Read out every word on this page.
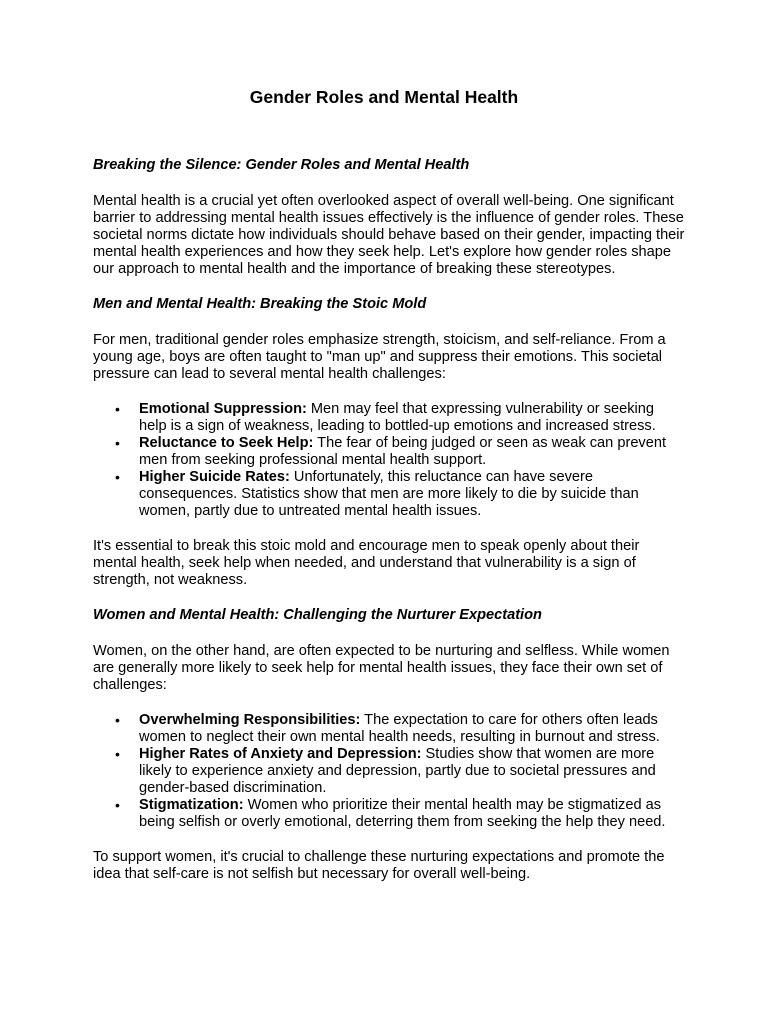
Gender Roles and Mental Health
Breaking the Silence: Gender Roles and Mental Health

Mental health is a crucial yet often overlooked aspect of overall well-being. One significant barrier to addressing mental health issues effectively is the influence of gender roles. These societal norms dictate how individuals should behave based on their gender, impacting their mental health experiences and how they seek help. Let's explore how gender roles shape our approach to mental health and the importance of breaking these stereotypes.

Men and Mental Health: Breaking the Stoic Mold

For men, traditional gender roles emphasize strength, stoicism, and self-reliance. From a young age, boys are often taught to "man up" and suppress their emotions. This societal pressure can lead to several mental health challenges:

• Emotional Suppression: Men may feel that expressing vulnerability or seeking help is a sign of weakness, leading to bottled-up emotions and increased stress.
• Reluctance to Seek Help: The fear of being judged or seen as weak can prevent men from seeking professional mental health support.
• Higher Suicide Rates: Unfortunately, this reluctance can have severe consequences. Statistics show that men are more likely to die by suicide than women, partly due to untreated mental health issues.

It's essential to break this stoic mold and encourage men to speak openly about their mental health, seek help when needed, and understand that vulnerability is a sign of strength, not weakness.

Women and Mental Health: Challenging the Nurturer Expectation

Women, on the other hand, are often expected to be nurturing and selfless. While women are generally more likely to seek help for mental health issues, they face their own set of challenges:

• Overwhelming Responsibilities: The expectation to care for others often leads women to neglect their own mental health needs, resulting in burnout and stress.
• Higher Rates of Anxiety and Depression: Studies show that women are more likely to experience anxiety and depression, partly due to societal pressures and gender-based discrimination.
• Stigmatization: Women who prioritize their mental health may be stigmatized as being selfish or overly emotional, deterring them from seeking the help they need.

To support women, it's crucial to challenge these nurturing expectations and promote the idea that self-care is not selfish but necessary for overall well-being.
